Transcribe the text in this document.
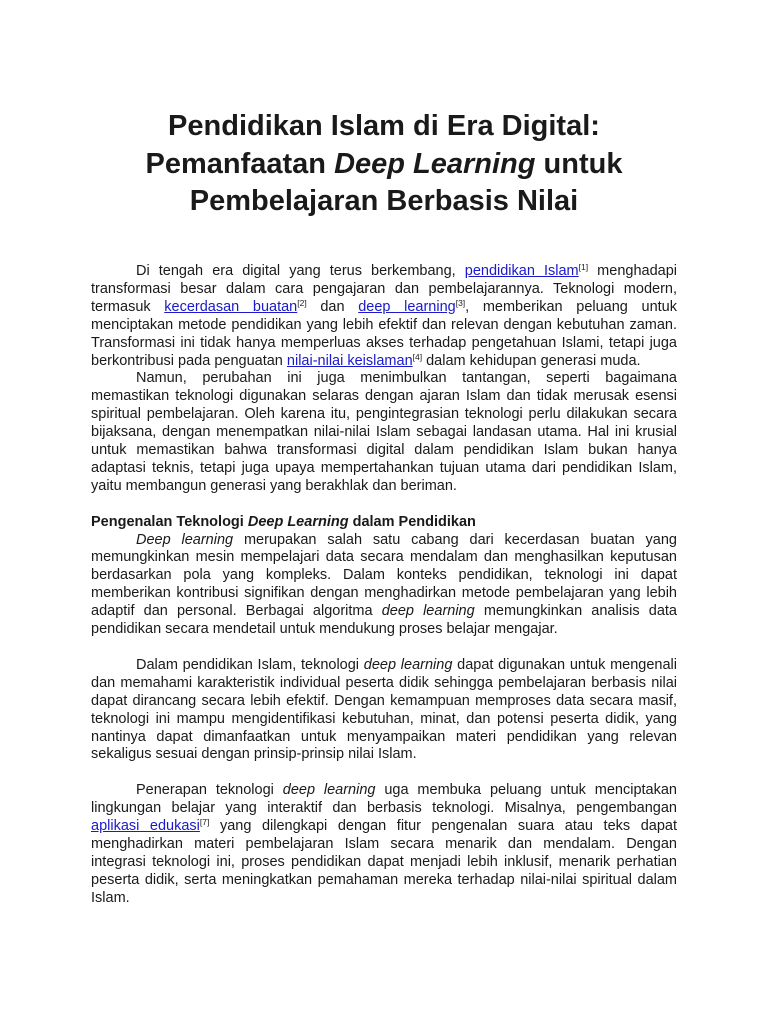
Pendidikan Islam di Era Digital:
Pemanfaatan Deep Learning untuk
Pembelajaran Berbasis Nilai

Di tengah era digital yang terus berkembang, pendidikan Islam[1] menghadapi transformasi besar dalam cara pengajaran dan pembelajarannya. Teknologi modern, termasuk kecerdasan buatan[2] dan deep learning[3], memberikan peluang untuk menciptakan metode pendidikan yang lebih efektif dan relevan dengan kebutuhan zaman. Transformasi ini tidak hanya memperluas akses terhadap pengetahuan Islami, tetapi juga berkontribusi pada penguatan nilai-nilai keislaman[4] dalam kehidupan generasi muda.

Namun, perubahan ini juga menimbulkan tantangan, seperti bagaimana memastikan teknologi digunakan selaras dengan ajaran Islam dan tidak merusak esensi spiritual pembelajaran. Oleh karena itu, pengintegrasian teknologi perlu dilakukan secara bijaksana, dengan menempatkan nilai-nilai Islam sebagai landasan utama. Hal ini krusial untuk memastikan bahwa transformasi digital dalam pendidikan Islam bukan hanya adaptasi teknis, tetapi juga upaya mempertahankan tujuan utama dari pendidikan Islam, yaitu membangun generasi yang berakhlak dan beriman.

Pengenalan Teknologi Deep Learning dalam Pendidikan

Deep learning merupakan salah satu cabang dari kecerdasan buatan yang memungkinkan mesin mempelajari data secara mendalam dan menghasilkan keputusan berdasarkan pola yang kompleks. Dalam konteks pendidikan, teknologi ini dapat memberikan kontribusi signifikan dengan menghadirkan metode pembelajaran yang lebih adaptif dan personal. Berbagai algoritma deep learning memungkinkan analisis data pendidikan secara mendetail untuk mendukung proses belajar mengajar.

Dalam pendidikan Islam, teknologi deep learning dapat digunakan untuk mengenali dan memahami karakteristik individual peserta didik sehingga pembelajaran berbasis nilai dapat dirancang secara lebih efektif. Dengan kemampuan memproses data secara masif, teknologi ini mampu mengidentifikasi kebutuhan, minat, dan potensi peserta didik, yang nantinya dapat dimanfaatkan untuk menyampaikan materi pendidikan yang relevan sekaligus sesuai dengan prinsip-prinsip nilai Islam.

Penerapan teknologi deep learning uga membuka peluang untuk menciptakan lingkungan belajar yang interaktif dan berbasis teknologi. Misalnya, pengembangan aplikasi edukasi[7] yang dilengkapi dengan fitur pengenalan suara atau teks dapat menghadirkan materi pembelajaran Islam secara menarik dan mendalam. Dengan integrasi teknologi ini, proses pendidikan dapat menjadi lebih inklusif, menarik perhatian peserta didik, serta meningkatkan pemahaman mereka terhadap nilai-nilai spiritual dalam Islam.
